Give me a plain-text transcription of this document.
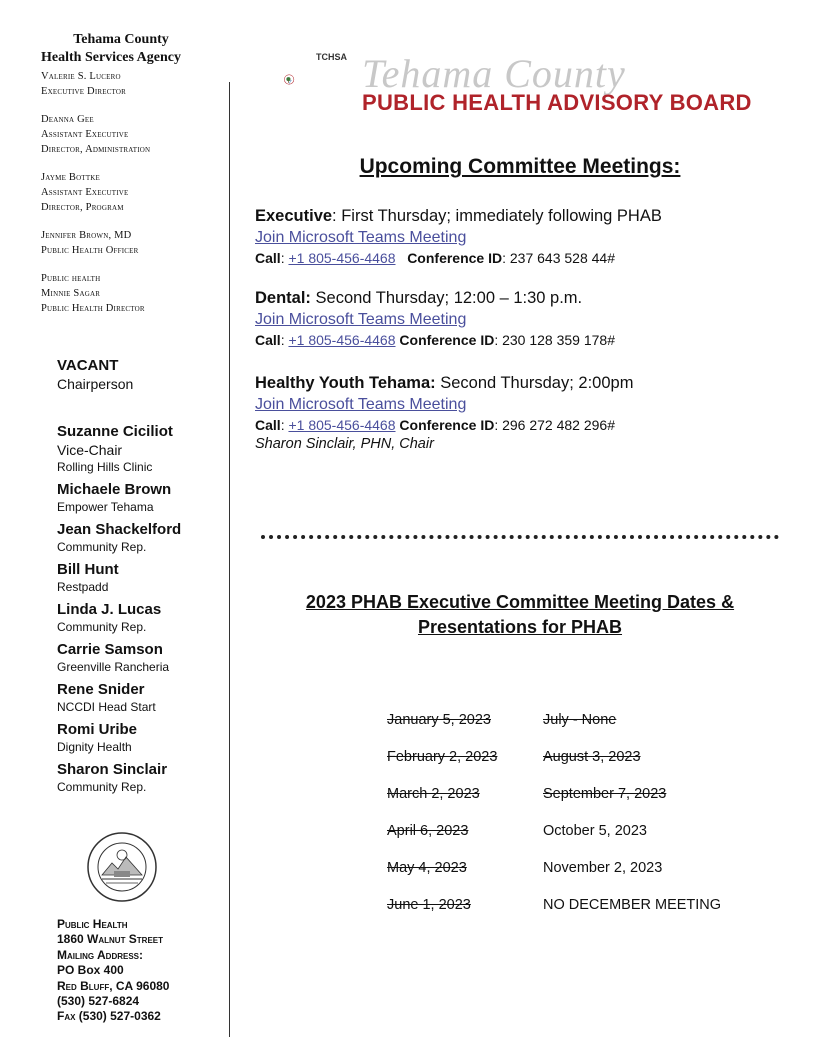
Tehama County
Health Services Agency
Valerie S. Lucero
Executive Director
Deanna Gee
Assistant Executive
Director, Administration
Jayme Bottke
Assistant Executive
Director, Program
Jennifer Brown, MD
Public Health Officer
Public health
Minnie Sagar
Public Health Director
VACANT
Chairperson
Suzanne Ciciliot
Vice-Chair
Rolling Hills Clinic
Michaele Brown
Empower Tehama
Jean Shackelford
Community Rep.
Bill Hunt
Restpadd
Linda J. Lucas
Community Rep.
Carrie Samson
Greenville Rancheria
Rene Snider
NCCDI Head Start
Romi Uribe
Dignity Health
Sharon Sinclair
Community Rep.
Public Health
1860 Walnut Street
Mailing Address:
PO Box 400
Red Bluff, CA 96080
(530) 527-6824
Fax (530) 527-0362
TCHSA Tehama County
PUBLIC HEALTH ADVISORY BOARD
Upcoming Committee Meetings:
Executive: First Thursday; immediately following PHAB
Join Microsoft Teams Meeting
Call: +1 805-456-4468 Conference ID: 237 643 528 44#
Dental: Second Thursday; 12:00 – 1:30 p.m.
Join Microsoft Teams Meeting
Call: +1 805-456-4468 Conference ID: 230 128 359 178#
Healthy Youth Tehama: Second Thursday; 2:00pm
Join Microsoft Teams Meeting
Call: +1 805-456-4468 Conference ID: 296 272 482 296#
Sharon Sinclair, PHN, Chair
2023 PHAB Executive Committee Meeting Dates &
Presentations for PHAB
January 5, 2023	July - None
February 2, 2023	August 3, 2023
March 2, 2023	September 7, 2023
April 6, 2023	October 5, 2023
May 4, 2023	November 2, 2023
June 1, 2023	NO DECEMBER MEETING
